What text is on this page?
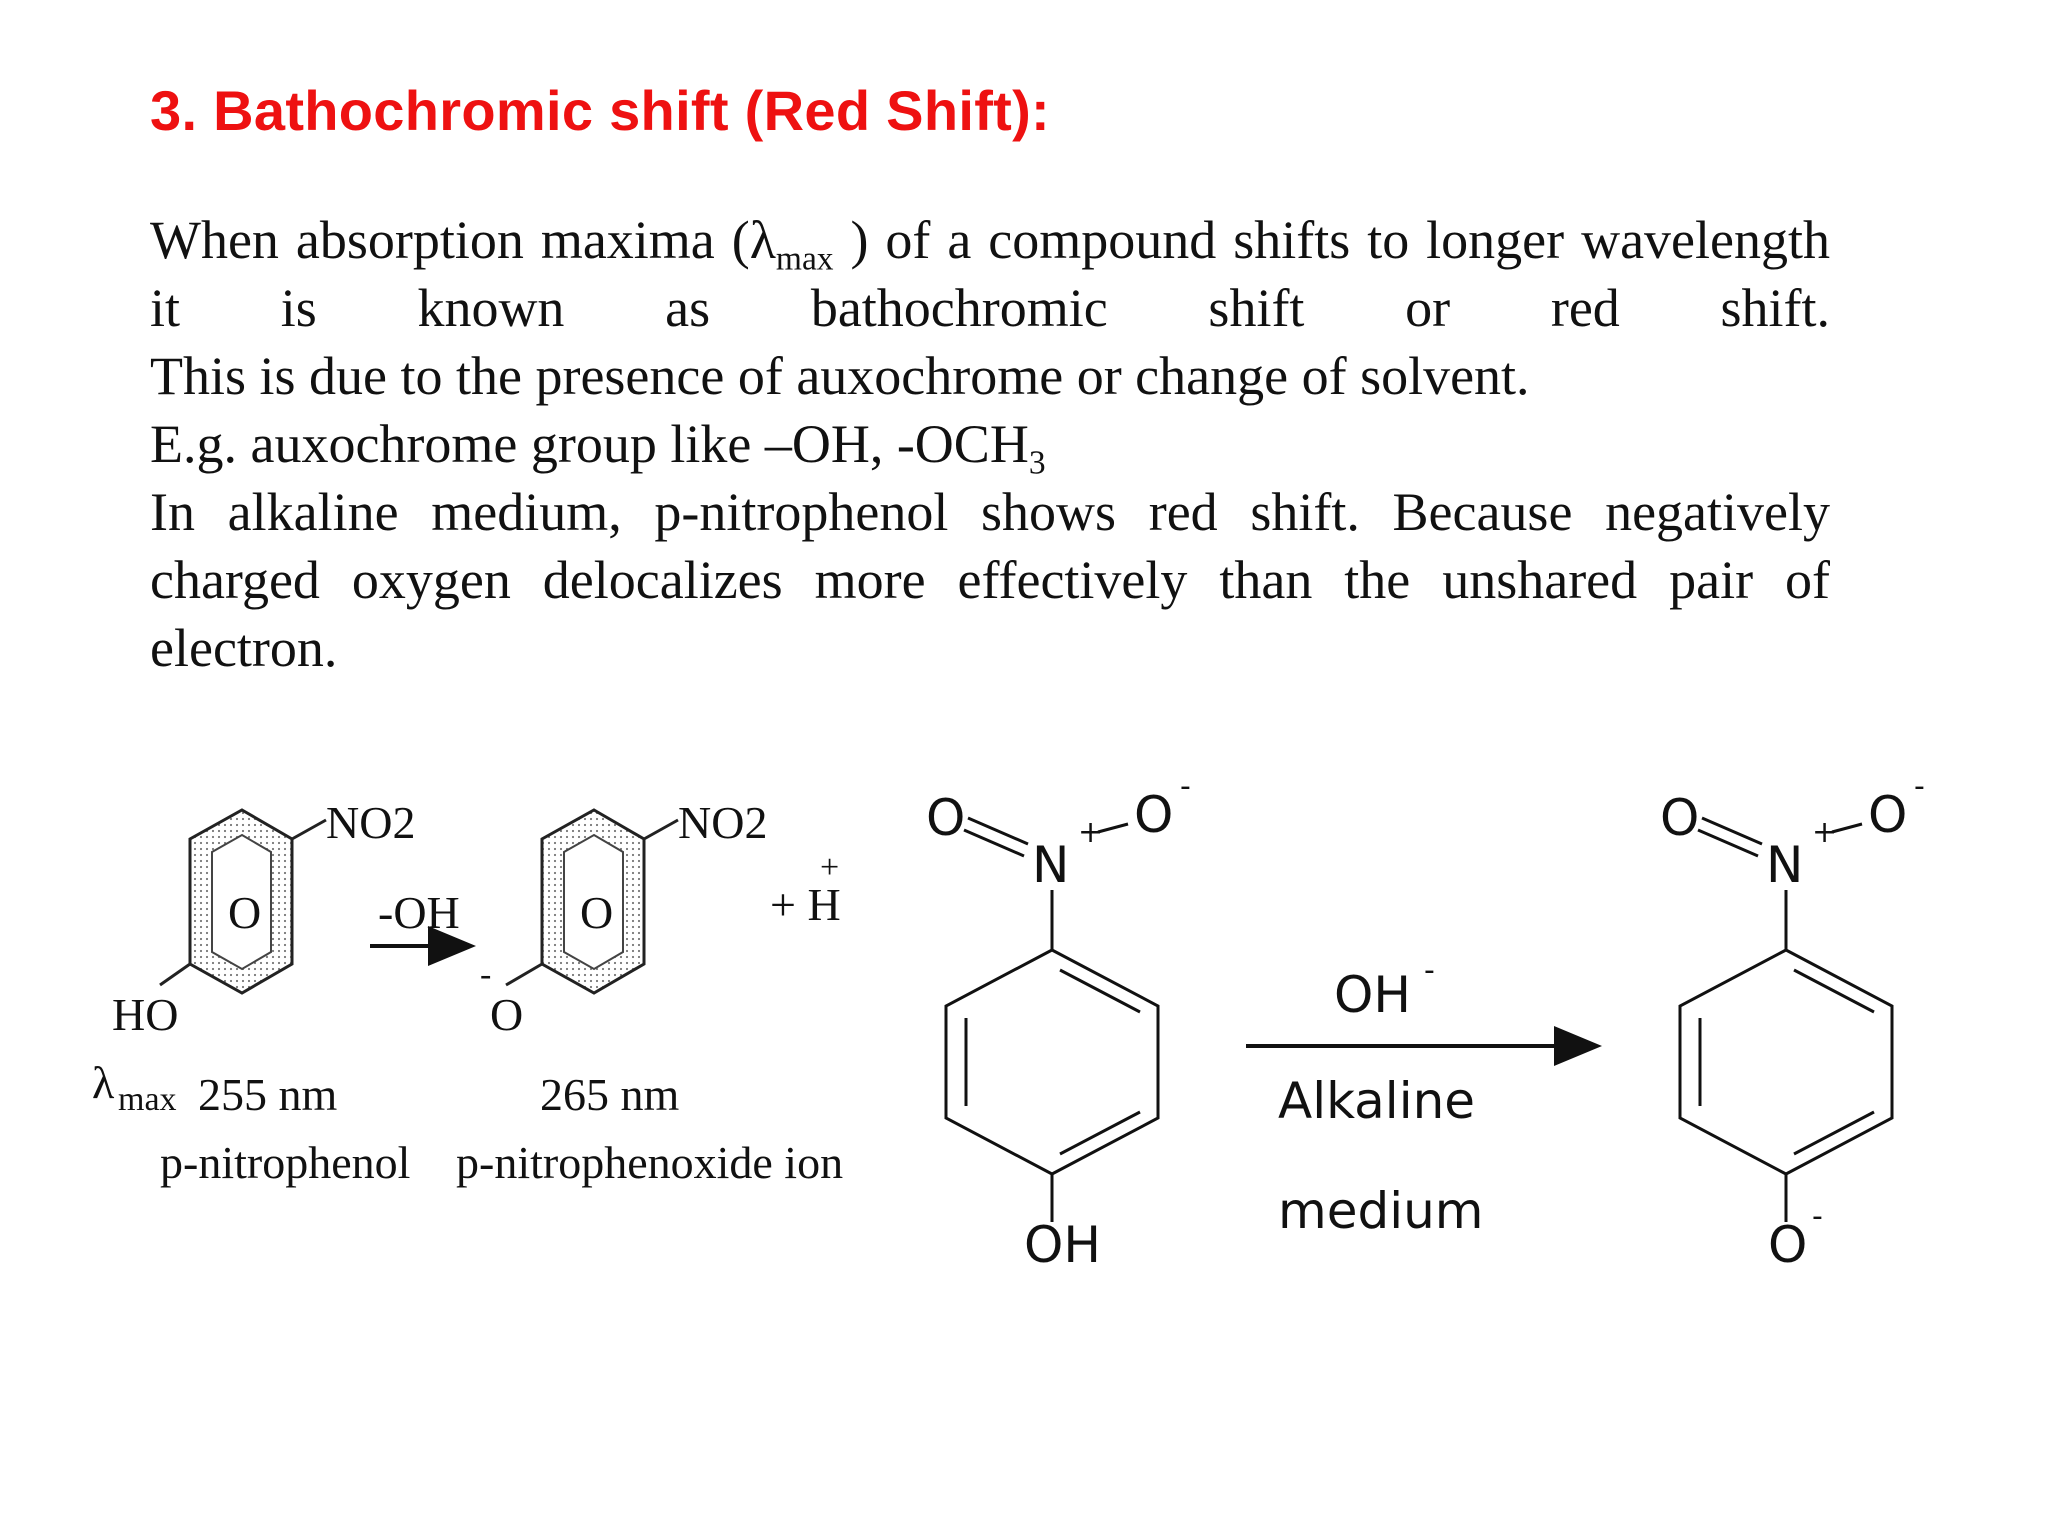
3. Bathochromic shift (Red Shift):

When absorption maxima ($\lambda_{max}$ ) of a compound shifts to longer wavelength it is known as bathochromic shift or red shift.

This is due to the presence of auxochrome or change of solvent.

E.g. auxochrome group like –OH, $-OCH_3$

In alkaline medium, p-nitrophenol shows red shift. Because negatively charged oxygen delocalizes more effectively than the unshared pair of electron.

O
NO2
HO
-OH	O
NO2
-
O
+ H
+
λ max 255 nm	265 nm
p-nitrophenol p-nitrophenoxide ion
O
N
+ O -
OH
OH -
Alkaline
medium
O
N
+ O -
O -
